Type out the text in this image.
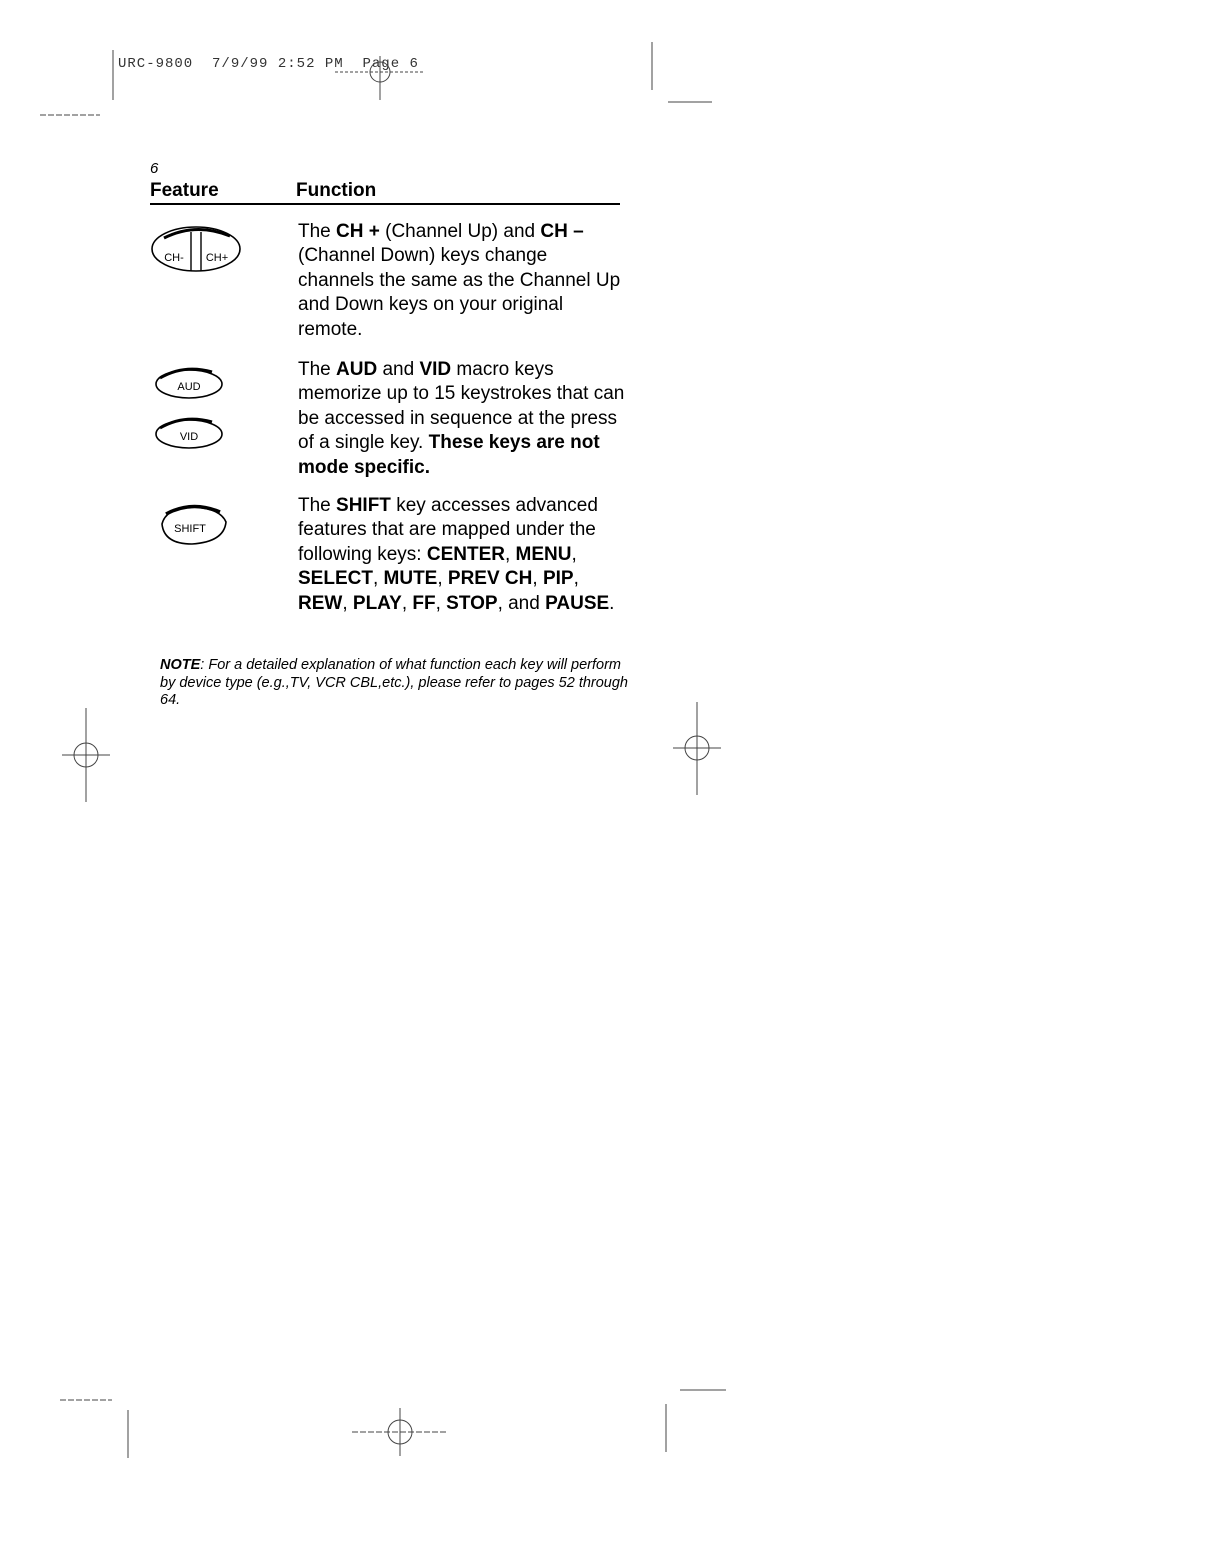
URC-9800 7/9/99 2:52 PM Page 6
6
Feature	Function
CH- CH+
The CH + (Channel Up) and CH – (Channel Down) keys change channels the same as the Channel Up and Down keys on your original remote.
AUD
VID
The AUD and VID macro keys memorize up to 15 keystrokes that can be accessed in sequence at the press of a single key. These keys are not mode specific.
SHIFT
The SHIFT key accesses advanced features that are mapped under the following keys: CENTER, MENU, SELECT, MUTE, PREV CH, PIP, REW, PLAY, FF, STOP, and PAUSE.
NOTE: For a detailed explanation of what function each key will perform by device type (e.g.,TV, VCR CBL,etc.), please refer to pages 52 through 64.
